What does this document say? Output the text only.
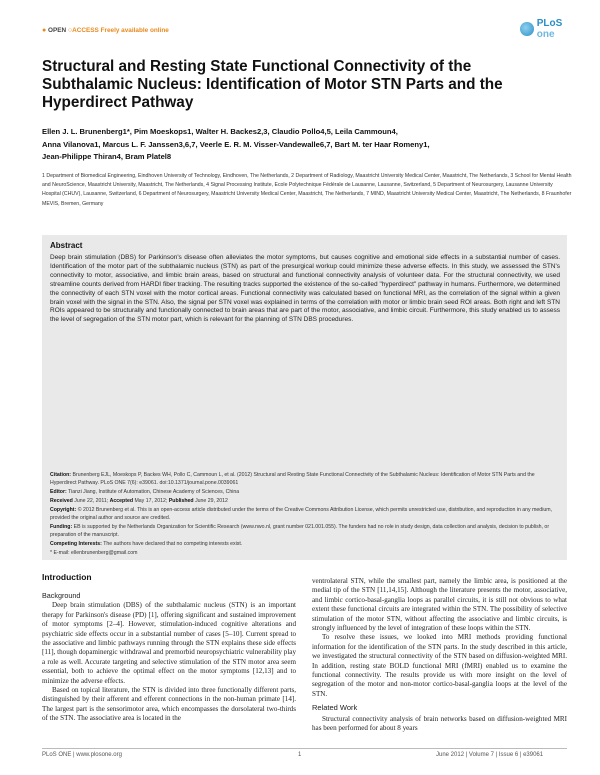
● OPEN ○ACCESS Freely available online
PLoS one
Structural and Resting State Functional Connectivity of the Subthalamic Nucleus: Identification of Motor STN Parts and the Hyperdirect Pathway
Ellen J. L. Brunenberg1*, Pim Moeskops1, Walter H. Backes2,3, Claudio Pollo4,5, Leila Cammoun4,
Anna Vilanova1, Marcus L. F. Janssen3,6,7, Veerle E. R. M. Visser-Vandewalle6,7, Bart M. ter Haar Romeny1,
Jean-Philippe Thiran4, Bram Platel8
1 Department of Biomedical Engineering, Eindhoven University of Technology, Eindhoven, The Netherlands, 2 Department of Radiology, Maastricht University Medical Center, Maastricht, The Netherlands, 3 School for Mental Health and NeuroScience, Maastricht University, Maastricht, The Netherlands, 4 Signal Processing Institute, Ecole Polytechnique Fédérale de Lausanne, Lausanne, Switzerland, 5 Department of Neurosurgery, Lausanne University Hospital (CHUV), Lausanne, Switzerland, 6 Department of Neurosurgery, Maastricht University Medical Center, Maastricht, The Netherlands, 7 MIND, Maastricht University Medical Center, Maastricht, The Netherlands, 8 Fraunhofer MEVIS, Bremen, Germany
Abstract
Deep brain stimulation (DBS) for Parkinson's disease often alleviates the motor symptoms, but causes cognitive and emotional side effects in a substantial number of cases. Identification of the motor part of the subthalamic nucleus (STN) as part of the presurgical workup could minimize these adverse effects. In this study, we assessed the STN's connectivity to motor, associative, and limbic brain areas, based on structural and functional connectivity analysis of volunteer data. For the structural connectivity, we used streamline counts derived from HARDI fiber tracking. The resulting tracks supported the existence of the so-called "hyperdirect" pathway in humans. Furthermore, we determined the connectivity of each STN voxel with the motor cortical areas. Functional connectivity was calculated based on functional MRI, as the correlation of the signal within a given brain voxel with the signal in the STN. Also, the signal per STN voxel was explained in terms of the correlation with motor or limbic brain seed ROI areas. Both right and left STN ROIs appeared to be structurally and functionally connected to brain areas that are part of the motor, associative, and limbic circuit. Furthermore, this study enabled us to assess the level of segregation of the STN motor part, which is relevant for the planning of STN DBS procedures.

Citation: Brunenberg EJL, Moeskops P, Backes WH, Pollo C, Cammoun L, et al. (2012) Structural and Resting State Functional Connectivity of the Subthalamic Nucleus: Identification of Motor STN Parts and the Hyperdirect Pathway. PLoS ONE 7(6): e39061. doi:10.1371/journal.pone.0039061

Editor: Tianzi Jiang, Institute of Automation, Chinese Academy of Sciences, China

Received June 22, 2011; Accepted May 17, 2012; Published June 29, 2012

Copyright: © 2012 Brunenberg et al. This is an open-access article distributed under the terms of the Creative Commons Attribution License, which permits unrestricted use, distribution, and reproduction in any medium, provided the original author and source are credited.

Funding: EB is supported by the Netherlands Organization for Scientific Research (www.nwo.nl, grant number 021.001.055). The funders had no role in study design, data collection and analysis, decision to publish, or preparation of the manuscript.

Competing Interests: The authors have declared that no competing interests exist.

* E-mail: ellenbrunenberg@gmail.com

Introduction
Background

Deep brain stimulation (DBS) of the subthalamic nucleus (STN) is an important therapy for Parkinson's disease (PD) [1], offering significant and sustained improvement of motor symptoms [2–4]. However, stimulation-induced cognitive alterations and psychiatric side effects occur in a substantial number of cases [5–10]. Current spread to the associative and limbic pathways running through the STN explains these side effects [11], though dopaminergic withdrawal and premorbid neuropsychiatric vulnerability play a role as well. Accurate targeting and selective stimulation of the STN motor area seem essential, both to achieve the optimal effect on the motor symptoms [12,13] and to minimize the adverse effects.

Based on topical literature, the STN is divided into three functionally different parts, distinguished by their afferent and efferent connections in the non-human primate [14]. The largest part is the sensorimotor area, which encompasses the dorsolateral two-thirds of the STN. The associative area is located in the

ventrolateral STN, while the smallest part, namely the limbic area, is positioned at the medial tip of the STN [11,14,15]. Although the literature presents the motor, associative, and limbic cortico-basal-ganglia loops as parallel circuits, it is still not obvious to what extent these functional circuits are integrated within the STN. The possibility of selective stimulation of the motor STN, without affecting the associative and limbic circuits, is strongly influenced by the level of integration of these loops within the STN.

To resolve these issues, we looked into MRI methods providing functional information for the identification of the STN parts. In the study described in this article, we investigated the structural connectivity of the STN based on diffusion-weighted MRI. In addition, resting state BOLD functional MRI (fMRI) enabled us to examine the functional connectivity. The results provide us with more insight on the level of segregation of the motor and non-motor cortico-basal-ganglia loops at the level of the STN.

Related Work

Structural connectivity analysis of brain networks based on diffusion-weighted MRI has been performed for about 8 years

PLoS ONE | www.plosone.org	1	June 2012 | Volume 7 | Issue 6 | e39061
